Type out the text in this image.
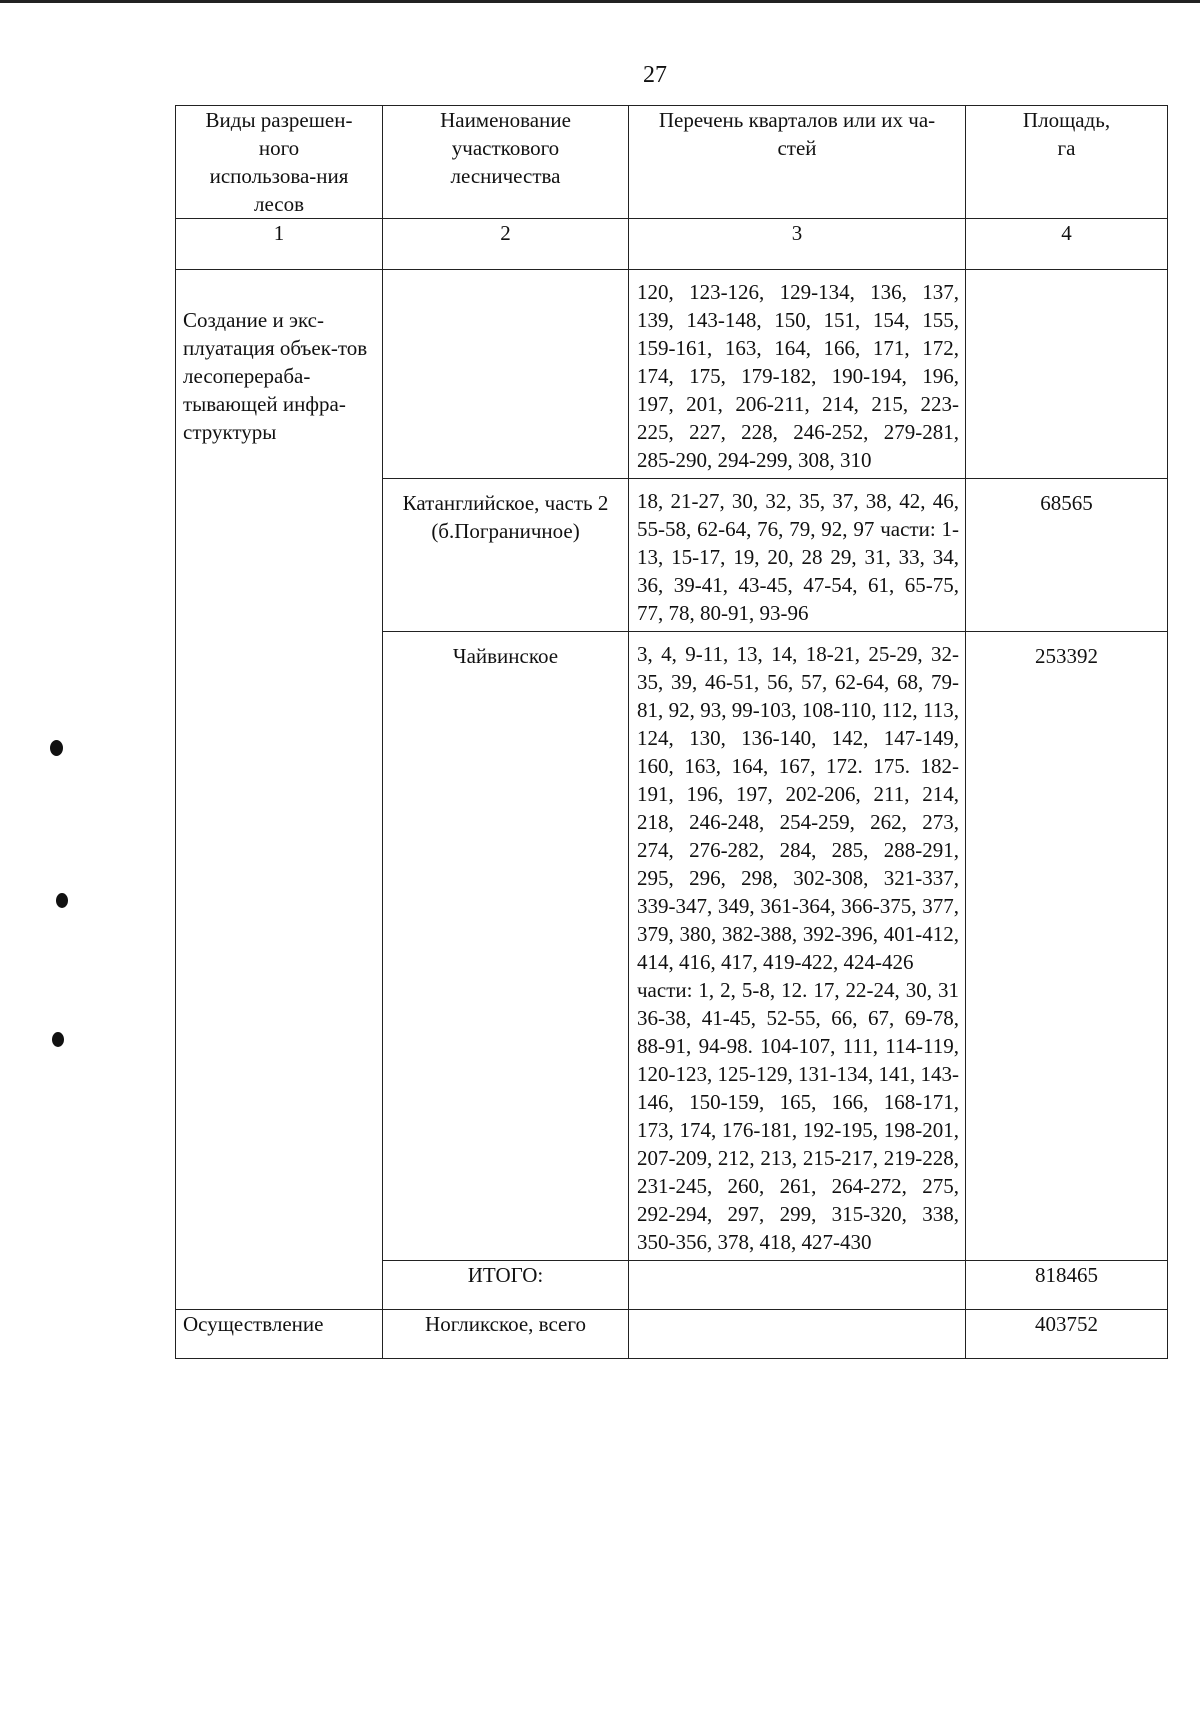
27
Виды разрешен-ного использова-ния лесов	Наименование участкового лесничества	Перечень кварталов или их ча-стей	Площадь, га

1	2	3	4

Создание и экс-плуатация объек-тов лесоперераба-тывающей инфра-структуры		120, 123-126, 129-134, 136, 137, 139, 143-148, 150, 151, 154, 155, 159-161, 163, 164, 166, 171, 172, 174, 175, 179-182, 190-194, 196, 197, 201, 206-211, 214, 215, 223-225, 227, 228, 246-252, 279-281, 285-290, 294-299, 308, 310	

	Катанглийское, часть 2 (б.Пограничное)	18, 21-27, 30, 32, 35, 37, 38, 42, 46, 55-58, 62-64, 76, 79, 92, 97 части: 1-13, 15-17, 19, 20, 28 29, 31, 33, 34, 36, 39-41, 43-45, 47-54, 61, 65-75, 77, 78, 80-91, 93-96	68565
	Чайвинское	3, 4, 9-11, 13, 14, 18-21, 25-29, 32-35, 39, 46-51, 56, 57, 62-64, 68, 79-81, 92, 93, 99-103, 108-110, 112, 113, 124, 130, 136-140, 142, 147-149, 160, 163, 164, 167, 172. 175. 182-191, 196, 197, 202-206, 211, 214, 218, 246-248, 254-259, 262, 273, 274, 276-282, 284, 285, 288-291, 295, 296, 298, 302-308, 321-337, 339-347, 349, 361-364, 366-375, 377, 379, 380, 382-388, 392-396, 401-412, 414, 416, 417, 419-422, 424-426
части: 1, 2, 5-8, 12. 17, 22-24, 30, 31 36-38, 41-45, 52-55, 66, 67, 69-78, 88-91, 94-98. 104-107, 111, 114-119, 120-123, 125-129, 131-134, 141, 143-146, 150-159, 165, 166, 168-171, 173, 174, 176-181, 192-195, 198-201, 207-209, 212, 213, 215-217, 219-228, 231-245, 260, 261, 264-272, 275, 292-294, 297, 299, 315-320, 338, 350-356, 378, 418, 427-430	253392
	ИТОГО:		818465
Осуществление	Ногликское, всего		403752
